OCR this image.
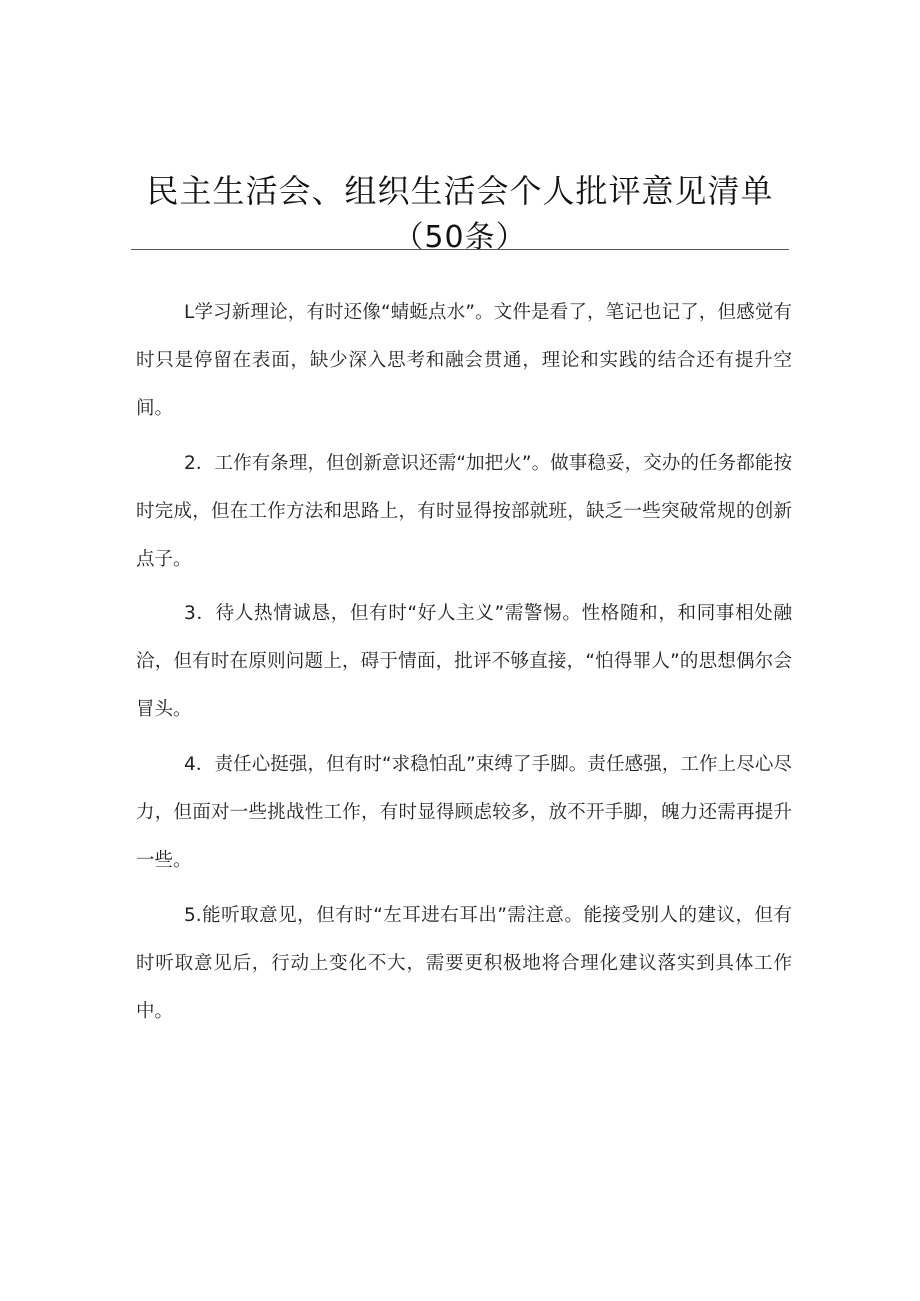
民主生活会、组织生活会个人批评意见清单
（50条）

L学习新理论，有时还像“蜻蜓点水”。文件是看了，笔记也记了，但感觉有时只是停留在表面，缺少深入思考和融会贯通，理论和实践的结合还有提升空间。

2．工作有条理，但创新意识还需“加把火”。做事稳妥，交办的任务都能按时完成，但在工作方法和思路上，有时显得按部就班，缺乏一些突破常规的创新点子。

3．待人热情诚恳，但有时“好人主义”需警惕。性格随和，和同事相处融洽，但有时在原则问题上，碍于情面，批评不够直接，“怕得罪人”的思想偶尔会冒头。

4．责任心挺强，但有时“求稳怕乱”束缚了手脚。责任感强，工作上尽心尽力，但面对一些挑战性工作，有时显得顾虑较多，放不开手脚，魄力还需再提升一些。

5.能听取意见，但有时“左耳进右耳出”需注意。能接受别人的建议，但有时听取意见后，行动上变化不大，需要更积极地将合理化建议落实到具体工作中。
